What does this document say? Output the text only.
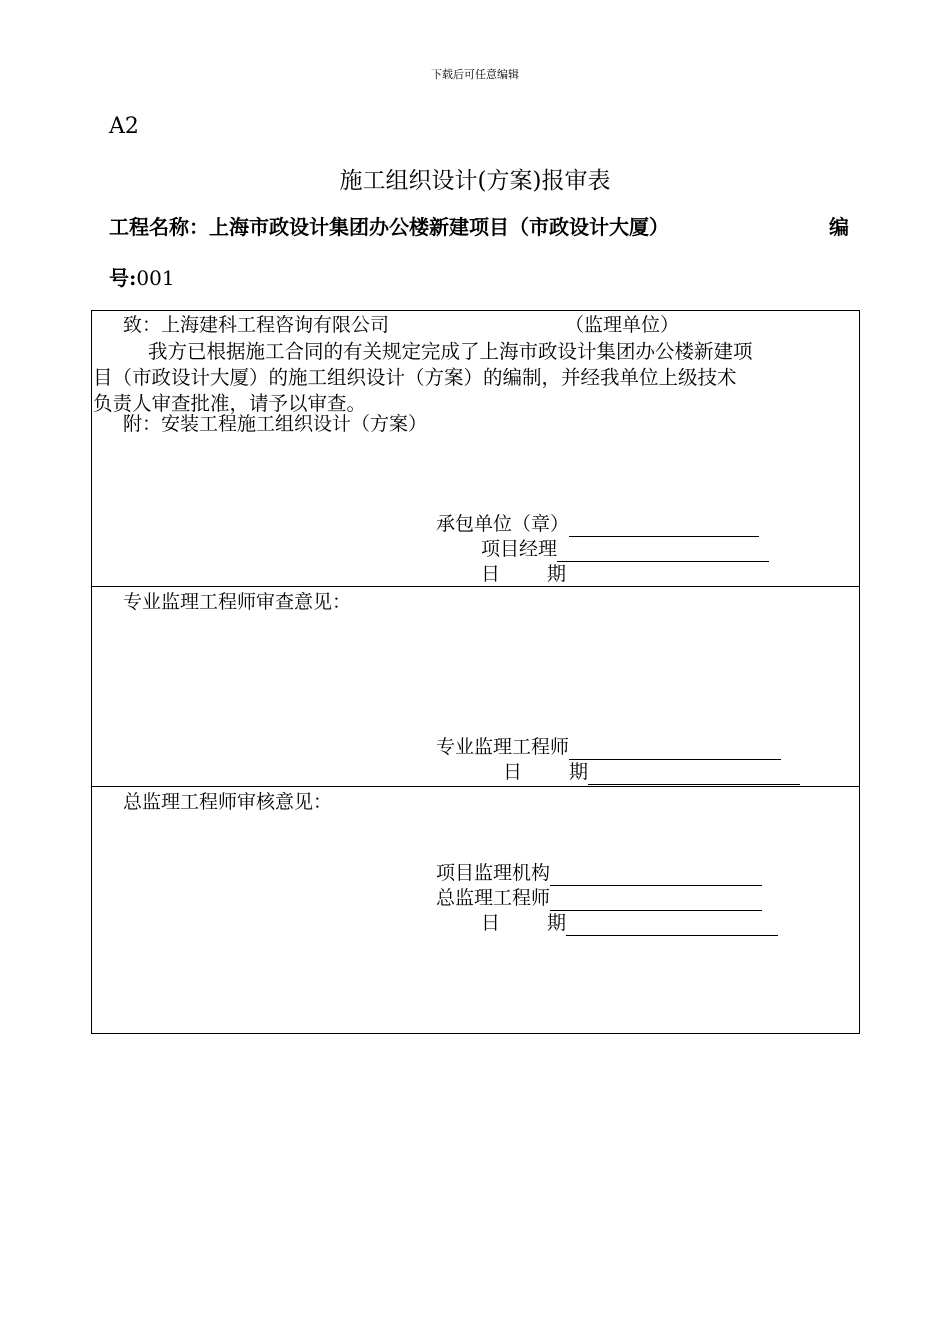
下载后可任意编辑
A2
施工组织设计(方案)报审表
工程名称：上海市政设计集团办公楼新建项目（市政设计大厦）	编
号:001
致：上海建科工程咨询有限公司	（监理单位）
我方已根据施工合同的有关规定完成了上海市政设计集团办公楼新建项
目（市政设计大厦）的施工组织设计（方案）的编制，并经我单位上级技术
负责人审查批准，请予以审查。
附：安装工程施工组织设计（方案）
承包单位（章）
项目经理
日	期
专业监理工程师审查意见：
专业监理工程师
日	期
总监理工程师审核意见：
项目监理机构
总监理工程师
日	期
